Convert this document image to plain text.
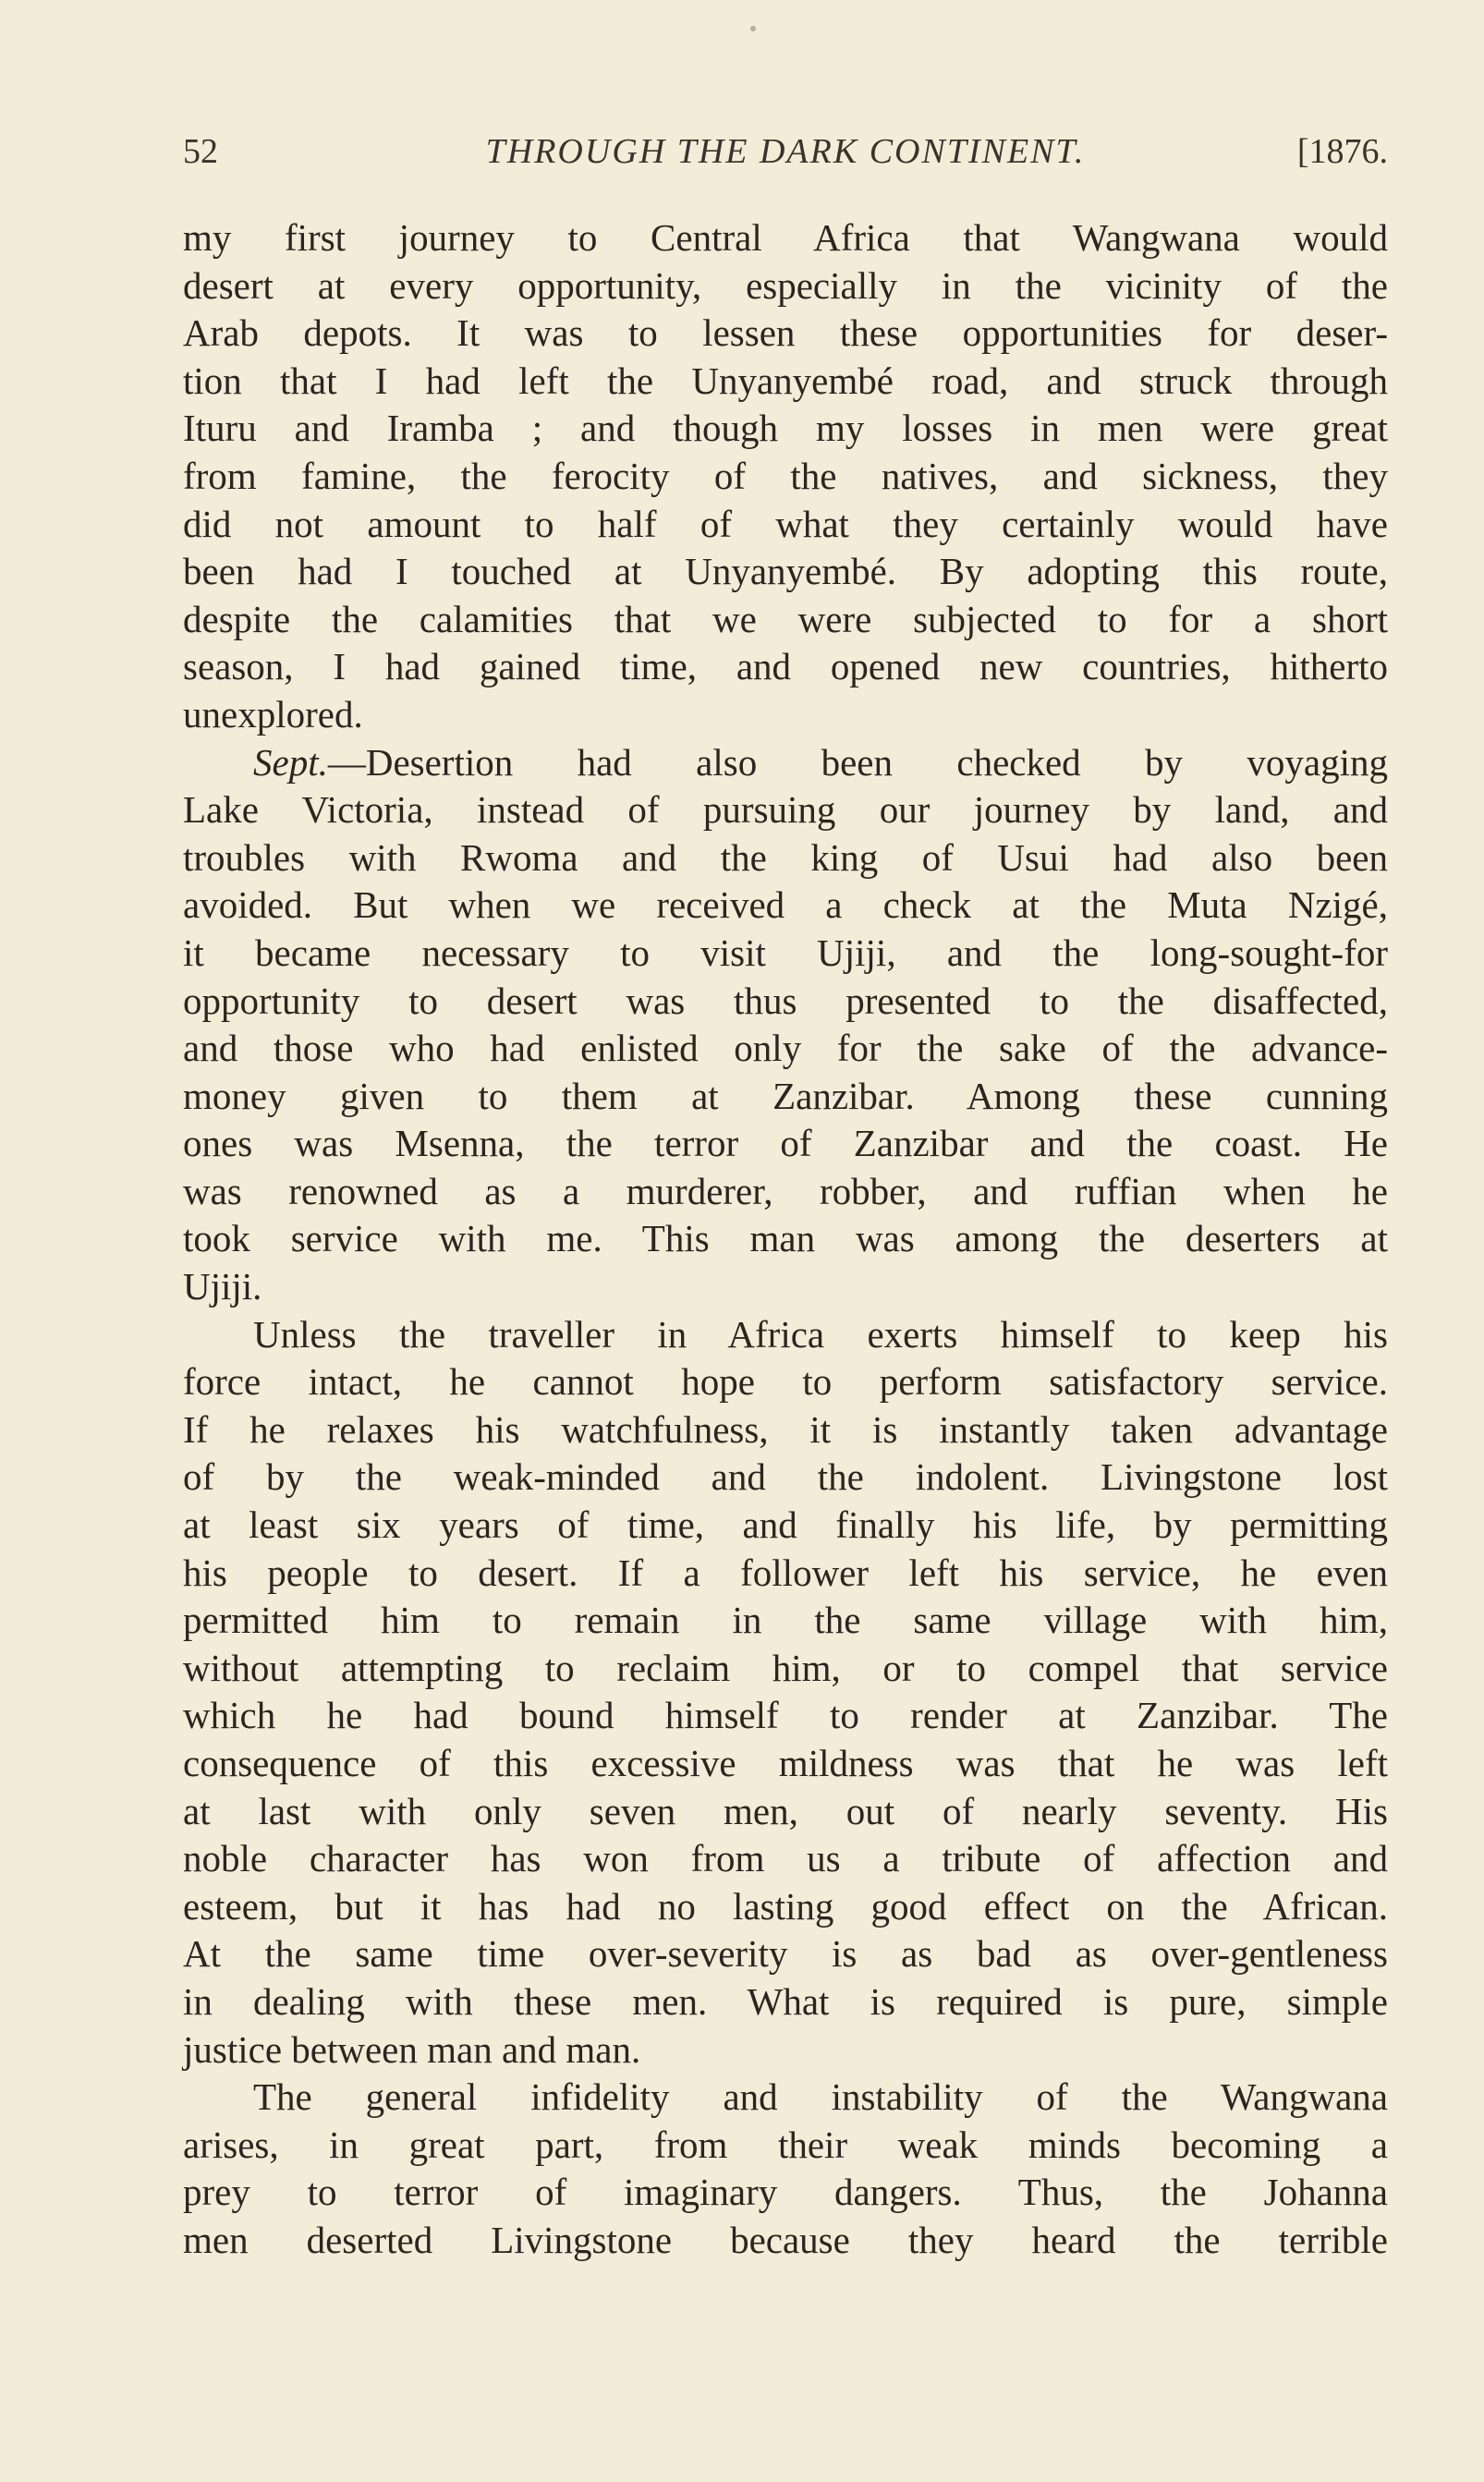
52	THROUGH THE DARK CONTINENT.	[1876.
my first journey to Central Africa that Wangwana would
desert at every opportunity, especially in the vicinity of the
Arab depots. It was to lessen these opportunities for deser-
tion that I had left the Unyanyembé road, and struck through
Ituru and Iramba ; and though my losses in men were great
from famine, the ferocity of the natives, and sickness, they
did not amount to half of what they certainly would have
been had I touched at Unyanyembé. By adopting this route,
despite the calamities that we were subjected to for a short
season, I had gained time, and opened new countries, hitherto
unexplored.
Sept.—Desertion had also been checked by voyaging
Lake Victoria, instead of pursuing our journey by land, and
troubles with Rwoma and the king of Usui had also been
avoided. But when we received a check at the Muta Nzigé,
it became necessary to visit Ujiji, and the long-sought-for
opportunity to desert was thus presented to the disaffected,
and those who had enlisted only for the sake of the advance-
money given to them at Zanzibar. Among these cunning
ones was Msenna, the terror of Zanzibar and the coast. He
was renowned as a murderer, robber, and ruffian when he
took service with me. This man was among the deserters at
Ujiji.
Unless the traveller in Africa exerts himself to keep his
force intact, he cannot hope to perform satisfactory service.
If he relaxes his watchfulness, it is instantly taken advantage
of by the weak-minded and the indolent. Livingstone lost
at least six years of time, and finally his life, by permitting
his people to desert. If a follower left his service, he even
permitted him to remain in the same village with him,
without attempting to reclaim him, or to compel that service
which he had bound himself to render at Zanzibar. The
consequence of this excessive mildness was that he was left
at last with only seven men, out of nearly seventy. His
noble character has won from us a tribute of affection and
esteem, but it has had no lasting good effect on the African.
At the same time over-severity is as bad as over-gentleness
in dealing with these men. What is required is pure, simple
justice between man and man.
The general infidelity and instability of the Wangwana
arises, in great part, from their weak minds becoming a
prey to terror of imaginary dangers. Thus, the Johanna
men deserted Livingstone because they heard the terrible
